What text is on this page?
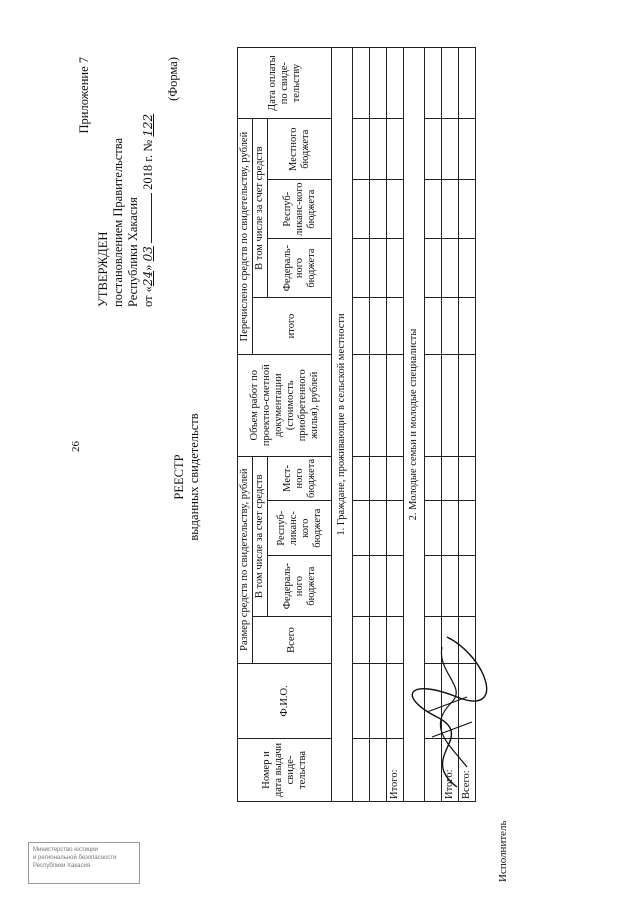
26
Приложение 7
УТВЕРЖДЕН постановлением Правительства Республики Хакасия от «24» 03  2018 г. № 122
(Форма)
РЕЕСТР выданных свидетельств
Номер и дата выдачи свиде-тельства	Ф.И.О.	Размер средств по свидетельству, рублей				Объем работ по проектно-сметной документации (стоимость приобретенного жилья), рублей	Перечислено средств по свидетельству, рублей				Дата оплаты по свиде-тельству
		Всего	В том числе за счет средств				итого	В том числе за счет средств			
			Федераль-ного бюджета	Респуб-ликанс-кого бюджета	Мест-ного бюджета			Федераль-ного бюджета	Респуб-ликанс-кого бюджета	Местного бюджета	
1. Граждане, проживающие в сельской местности											

Итого:											
2. Молодые семьи и молодые специалисты											

Итого:											
Всего:											
Исполнитель
Министерство юстиции
и региональной безопасности
Республики Хакасия
